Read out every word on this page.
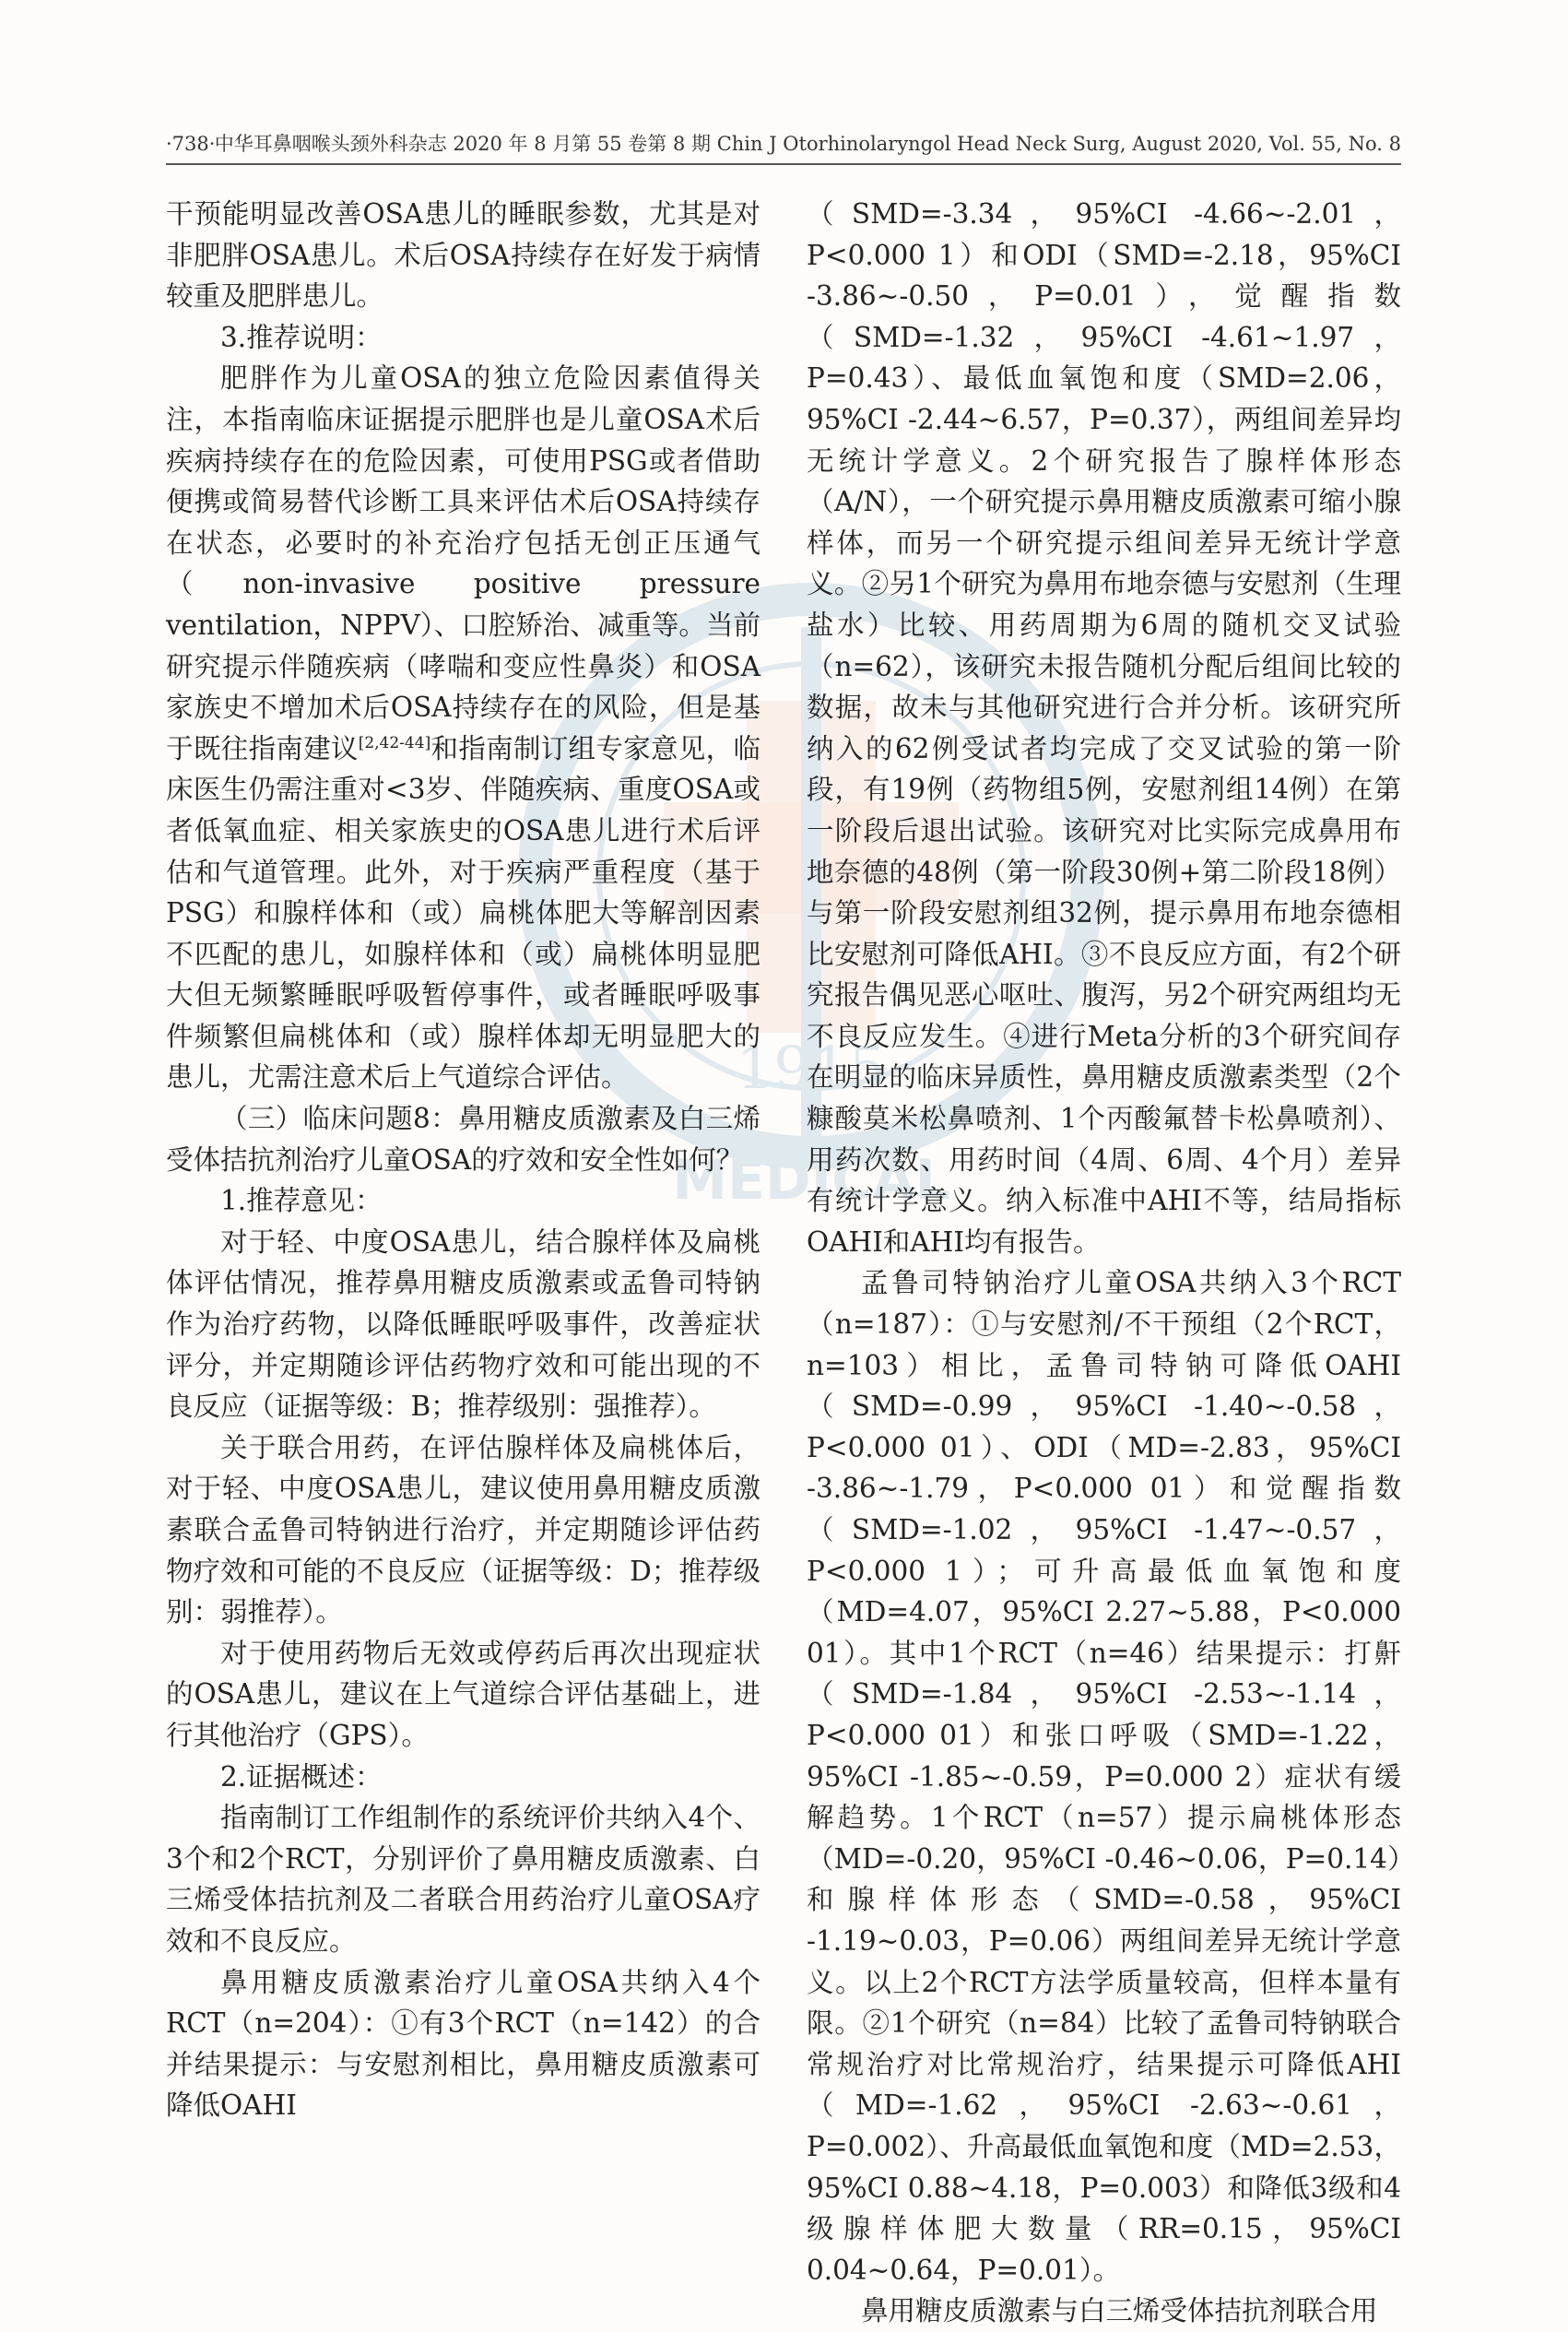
·738· 中华耳鼻咽喉头颈外科杂志 2020 年 8 月第 55 卷第 8 期 Chin J Otorhinolaryngol Head Neck Surg, August 2020, Vol. 55, No. 8
1915
MEDICAL

干预能明显改善OSA患儿的睡眠参数，尤其是对非肥胖OSA患儿。术后OSA持续存在好发于病情较重及肥胖患儿。

3.推荐说明：

肥胖作为儿童OSA的独立危险因素值得关注，本指南临床证据提示肥胖也是儿童OSA术后疾病持续存在的危险因素，可使用PSG或者借助便携或简易替代诊断工具来评估术后OSA持续存在状态，必要时的补充治疗包括无创正压通气（non-invasive positive pressure ventilation，NPPV）、口腔矫治、减重等。当前研究提示伴随疾病（哮喘和变应性鼻炎）和OSA家族史不增加术后OSA持续存在的风险，但是基于既往指南建议[2,42-44]和指南制订组专家意见，临床医生仍需注重对<3岁、伴随疾病、重度OSA或者低氧血症、相关家族史的OSA患儿进行术后评估和气道管理。此外，对于疾病严重程度（基于PSG）和腺样体和（或）扁桃体肥大等解剖因素不匹配的患儿，如腺样体和（或）扁桃体明显肥大但无频繁睡眠呼吸暂停事件，或者睡眠呼吸事件频繁但扁桃体和（或）腺样体却无明显肥大的患儿，尤需注意术后上气道综合评估。

（三）临床问题8：鼻用糖皮质激素及白三烯受体拮抗剂治疗儿童OSA的疗效和安全性如何？

1.推荐意见：

对于轻、中度OSA患儿，结合腺样体及扁桃体评估情况，推荐鼻用糖皮质激素或孟鲁司特钠作为治疗药物，以降低睡眠呼吸事件，改善症状评分，并定期随诊评估药物疗效和可能出现的不良反应（证据等级：B；推荐级别：强推荐）。

关于联合用药，在评估腺样体及扁桃体后，对于轻、中度OSA患儿，建议使用鼻用糖皮质激素联合孟鲁司特钠进行治疗，并定期随诊评估药物疗效和可能的不良反应（证据等级：D；推荐级别：弱推荐）。

对于使用药物后无效或停药后再次出现症状的OSA患儿，建议在上气道综合评估基础上，进行其他治疗（GPS）。

2.证据概述：

指南制订工作组制作的系统评价共纳入4个、3个和2个RCT，分别评价了鼻用糖皮质激素、白三烯受体拮抗剂及二者联合用药治疗儿童OSA疗效和不良反应。

鼻用糖皮质激素治疗儿童OSA共纳入4个RCT（n=204）：①有3个RCT（n=142）的合并结果提示：与安慰剂相比，鼻用糖皮质激素可降低OAHI

（SMD=-3.34，95%CI -4.66~-2.01，P<0.000 1）和ODI（SMD=-2.18，95%CI -3.86~-0.50，P=0.01），觉醒指数（SMD=-1.32，95%CI -4.61~1.97，P=0.43）、最低血氧饱和度（SMD=2.06，95%CI -2.44~6.57，P=0.37），两组间差异均无统计学意义。2个研究报告了腺样体形态（A/N），一个研究提示鼻用糖皮质激素可缩小腺样体，而另一个研究提示组间差异无统计学意义。②另1个研究为鼻用布地奈德与安慰剂（生理盐水）比较、用药周期为6周的随机交叉试验（n=62），该研究未报告随机分配后组间比较的数据，故未与其他研究进行合并分析。该研究所纳入的62例受试者均完成了交叉试验的第一阶段，有19例（药物组5例，安慰剂组14例）在第一阶段后退出试验。该研究对比实际完成鼻用布地奈德的48例（第一阶段30例+第二阶段18例）与第一阶段安慰剂组32例，提示鼻用布地奈德相比安慰剂可降低AHI。③不良反应方面，有2个研究报告偶见恶心呕吐、腹泻，另2个研究两组均无不良反应发生。④进行Meta分析的3个研究间存在明显的临床异质性，鼻用糖皮质激素类型（2个糠酸莫米松鼻喷剂、1个丙酸氟替卡松鼻喷剂）、用药次数、用药时间（4周、6周、4个月）差异有统计学意义。纳入标准中AHI不等，结局指标OAHI和AHI均有报告。

孟鲁司特钠治疗儿童OSA共纳入3个RCT（n=187）：①与安慰剂/不干预组（2个RCT，n=103）相比，孟鲁司特钠可降低OAHI（SMD=-0.99，95%CI -1.40~-0.58，P<0.000 01）、ODI（MD=-2.83，95%CI -3.86~-1.79，P<0.000 01）和觉醒指数（SMD=-1.02，95%CI -1.47~-0.57，P<0.000 1）；可升高最低血氧饱和度（MD=4.07，95%CI 2.27~5.88，P<0.000 01）。其中1个RCT（n=46）结果提示：打鼾（SMD=-1.84，95%CI -2.53~-1.14，P<0.000 01）和张口呼吸（SMD=-1.22，95%CI -1.85~-0.59，P=0.000 2）症状有缓解趋势。1个RCT（n=57）提示扁桃体形态（MD=-0.20，95%CI -0.46~0.06，P=0.14）和腺样体形态（SMD=-0.58，95%CI -1.19~0.03，P=0.06）两组间差异无统计学意义。以上2个RCT方法学质量较高，但样本量有限。②1个研究（n=84）比较了孟鲁司特钠联合常规治疗对比常规治疗，结果提示可降低AHI（MD=-1.62，95%CI -2.63~-0.61，P=0.002）、升高最低血氧饱和度（MD=2.53，95%CI 0.88~4.18，P=0.003）和降低3级和4级腺样体肥大数量（RR=0.15，95%CI 0.04~0.64，P=0.01）。

鼻用糖皮质激素与白三烯受体拮抗剂联合用
